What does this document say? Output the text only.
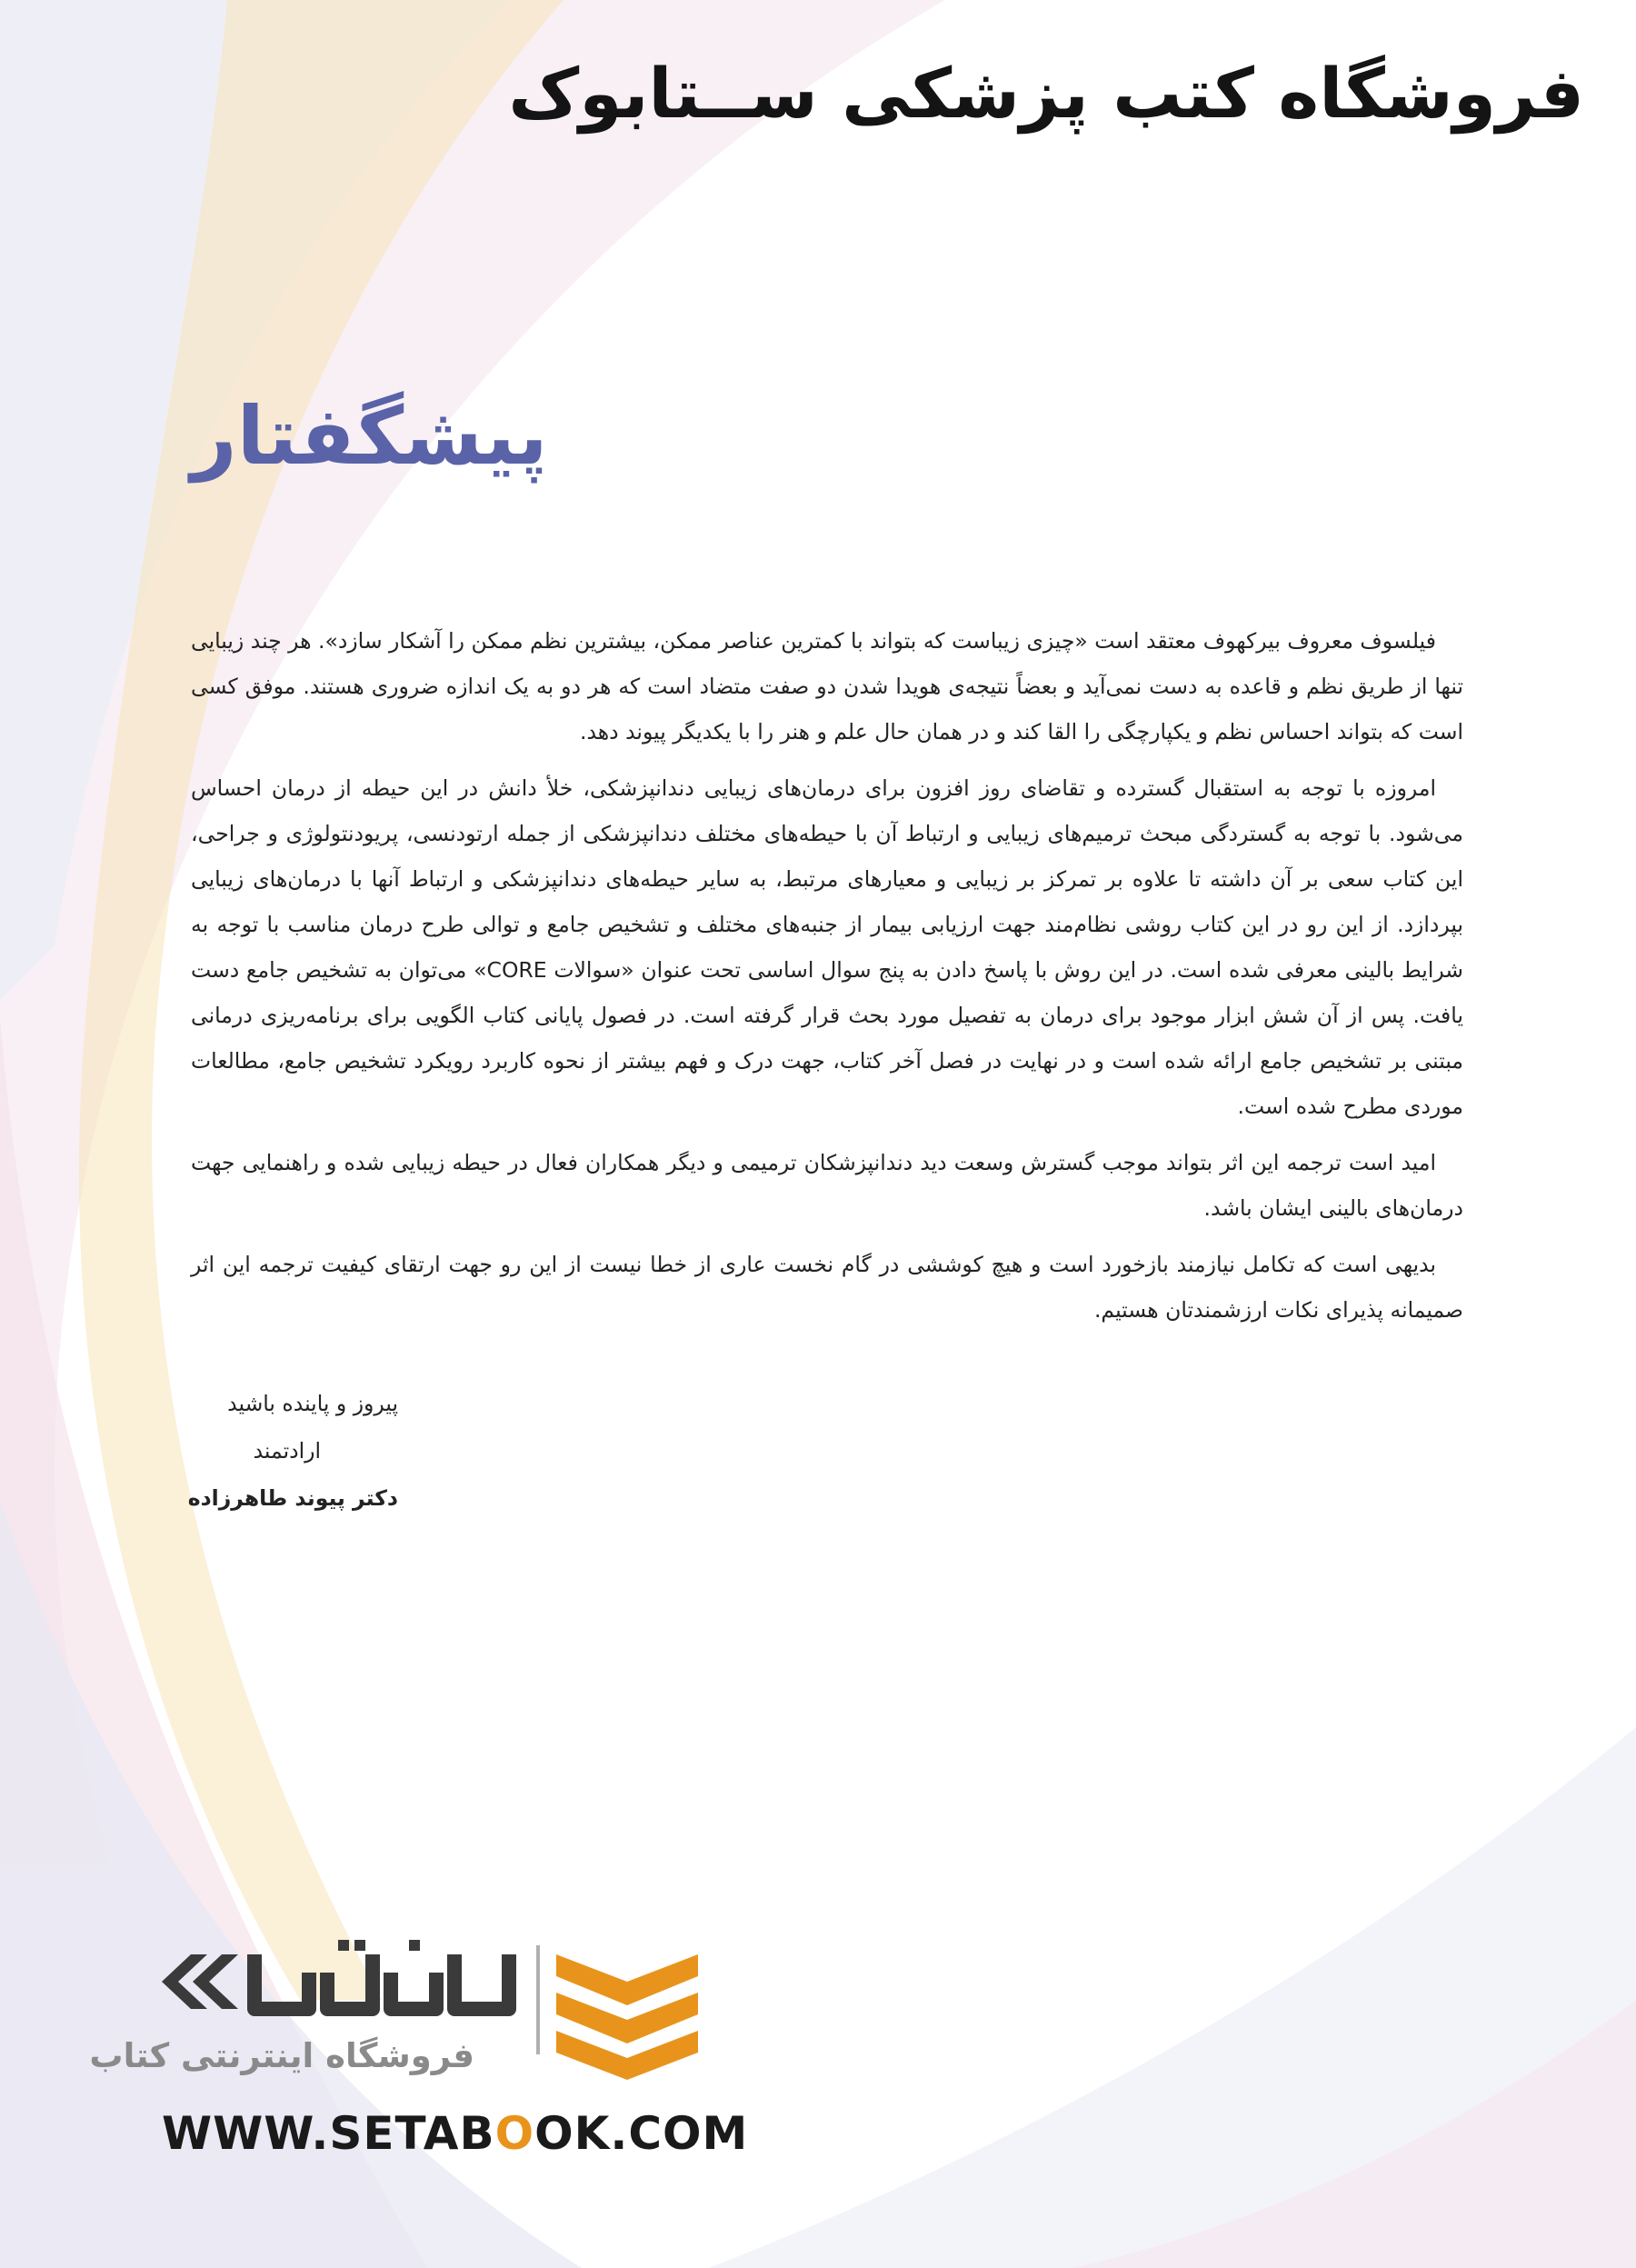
فروشگاه کتب پزشکی ســتابوک
پیشگفتار

فیلسوف معروف بیرکهوف معتقد است «چیزی زیباست که بتواند با کمترین عناصر ممکن، بیشترین نظم ممکن را آشکار سازد». هر چند زیبایی تنها از طریق نظم و قاعده به دست نمی‌آید و بعضاً نتیجه‌ی هویدا شدن دو صفت متضاد است که هر دو به یک اندازه ضروری هستند. موفق کسی است که بتواند احساس نظم و یکپارچگی را القا کند و در همان حال علم و هنر را با یکدیگر پیوند دهد.

امروزه با توجه به استقبال گسترده و تقاضای روز افزون برای درمان‌های زیبایی دندانپزشکی، خلأ دانش در این حیطه از درمان احساس می‌شود. با توجه به گستردگی مبحث ترمیم‌های زیبایی و ارتباط آن با حیطه‌های مختلف دندانپزشکی از جمله ارتودنسی، پریودنتولوژی و جراحی، این کتاب سعی بر آن داشته تا علاوه بر تمرکز بر زیبایی و معیارهای مرتبط، به سایر حیطه‌های دندانپزشکی و ارتباط آنها با درمان‌های زیبایی بپردازد. از این رو در این کتاب روشی نظام‌مند جهت ارزیابی بیمار از جنبه‌های مختلف و تشخیص جامع و توالی طرح درمان مناسب با توجه به شرایط بالینی معرفی شده است. در این روش با پاسخ دادن به پنج سوال اساسی تحت عنوان «سوالات CORE» می‌توان به تشخیص جامع دست یافت. پس از آن شش ابزار موجود برای درمان به تفصیل مورد بحث قرار گرفته است. در فصول پایانی کتاب الگویی برای برنامه‌ریزی درمانی مبتنی بر تشخیص جامع ارائه شده است و در نهایت در فصل آخر کتاب، جهت درک و فهم بیشتر از نحوه کاربرد رویکرد تشخیص جامع، مطالعات موردی مطرح شده است.

امید است ترجمه این اثر بتواند موجب گسترش وسعت دید دندانپزشکان ترمیمی و دیگر همکاران فعال در حیطه زیبایی شده و راهنمایی جهت درمان‌های بالینی ایشان باشد.

بدیهی است که تکامل نیازمند بازخورد است و هیچ کوششی در گام نخست عاری از خطا نیست از این رو جهت ارتقای کیفیت ترجمه این اثر صمیمانه پذیرای نکات ارزشمندتان هستیم.

پیروز و پاینده باشید
ارادتمند
دکتر پیوند طاهرزاده
فروشگاه اینترنتی کتاب

WWW.SETABOOK.COM
